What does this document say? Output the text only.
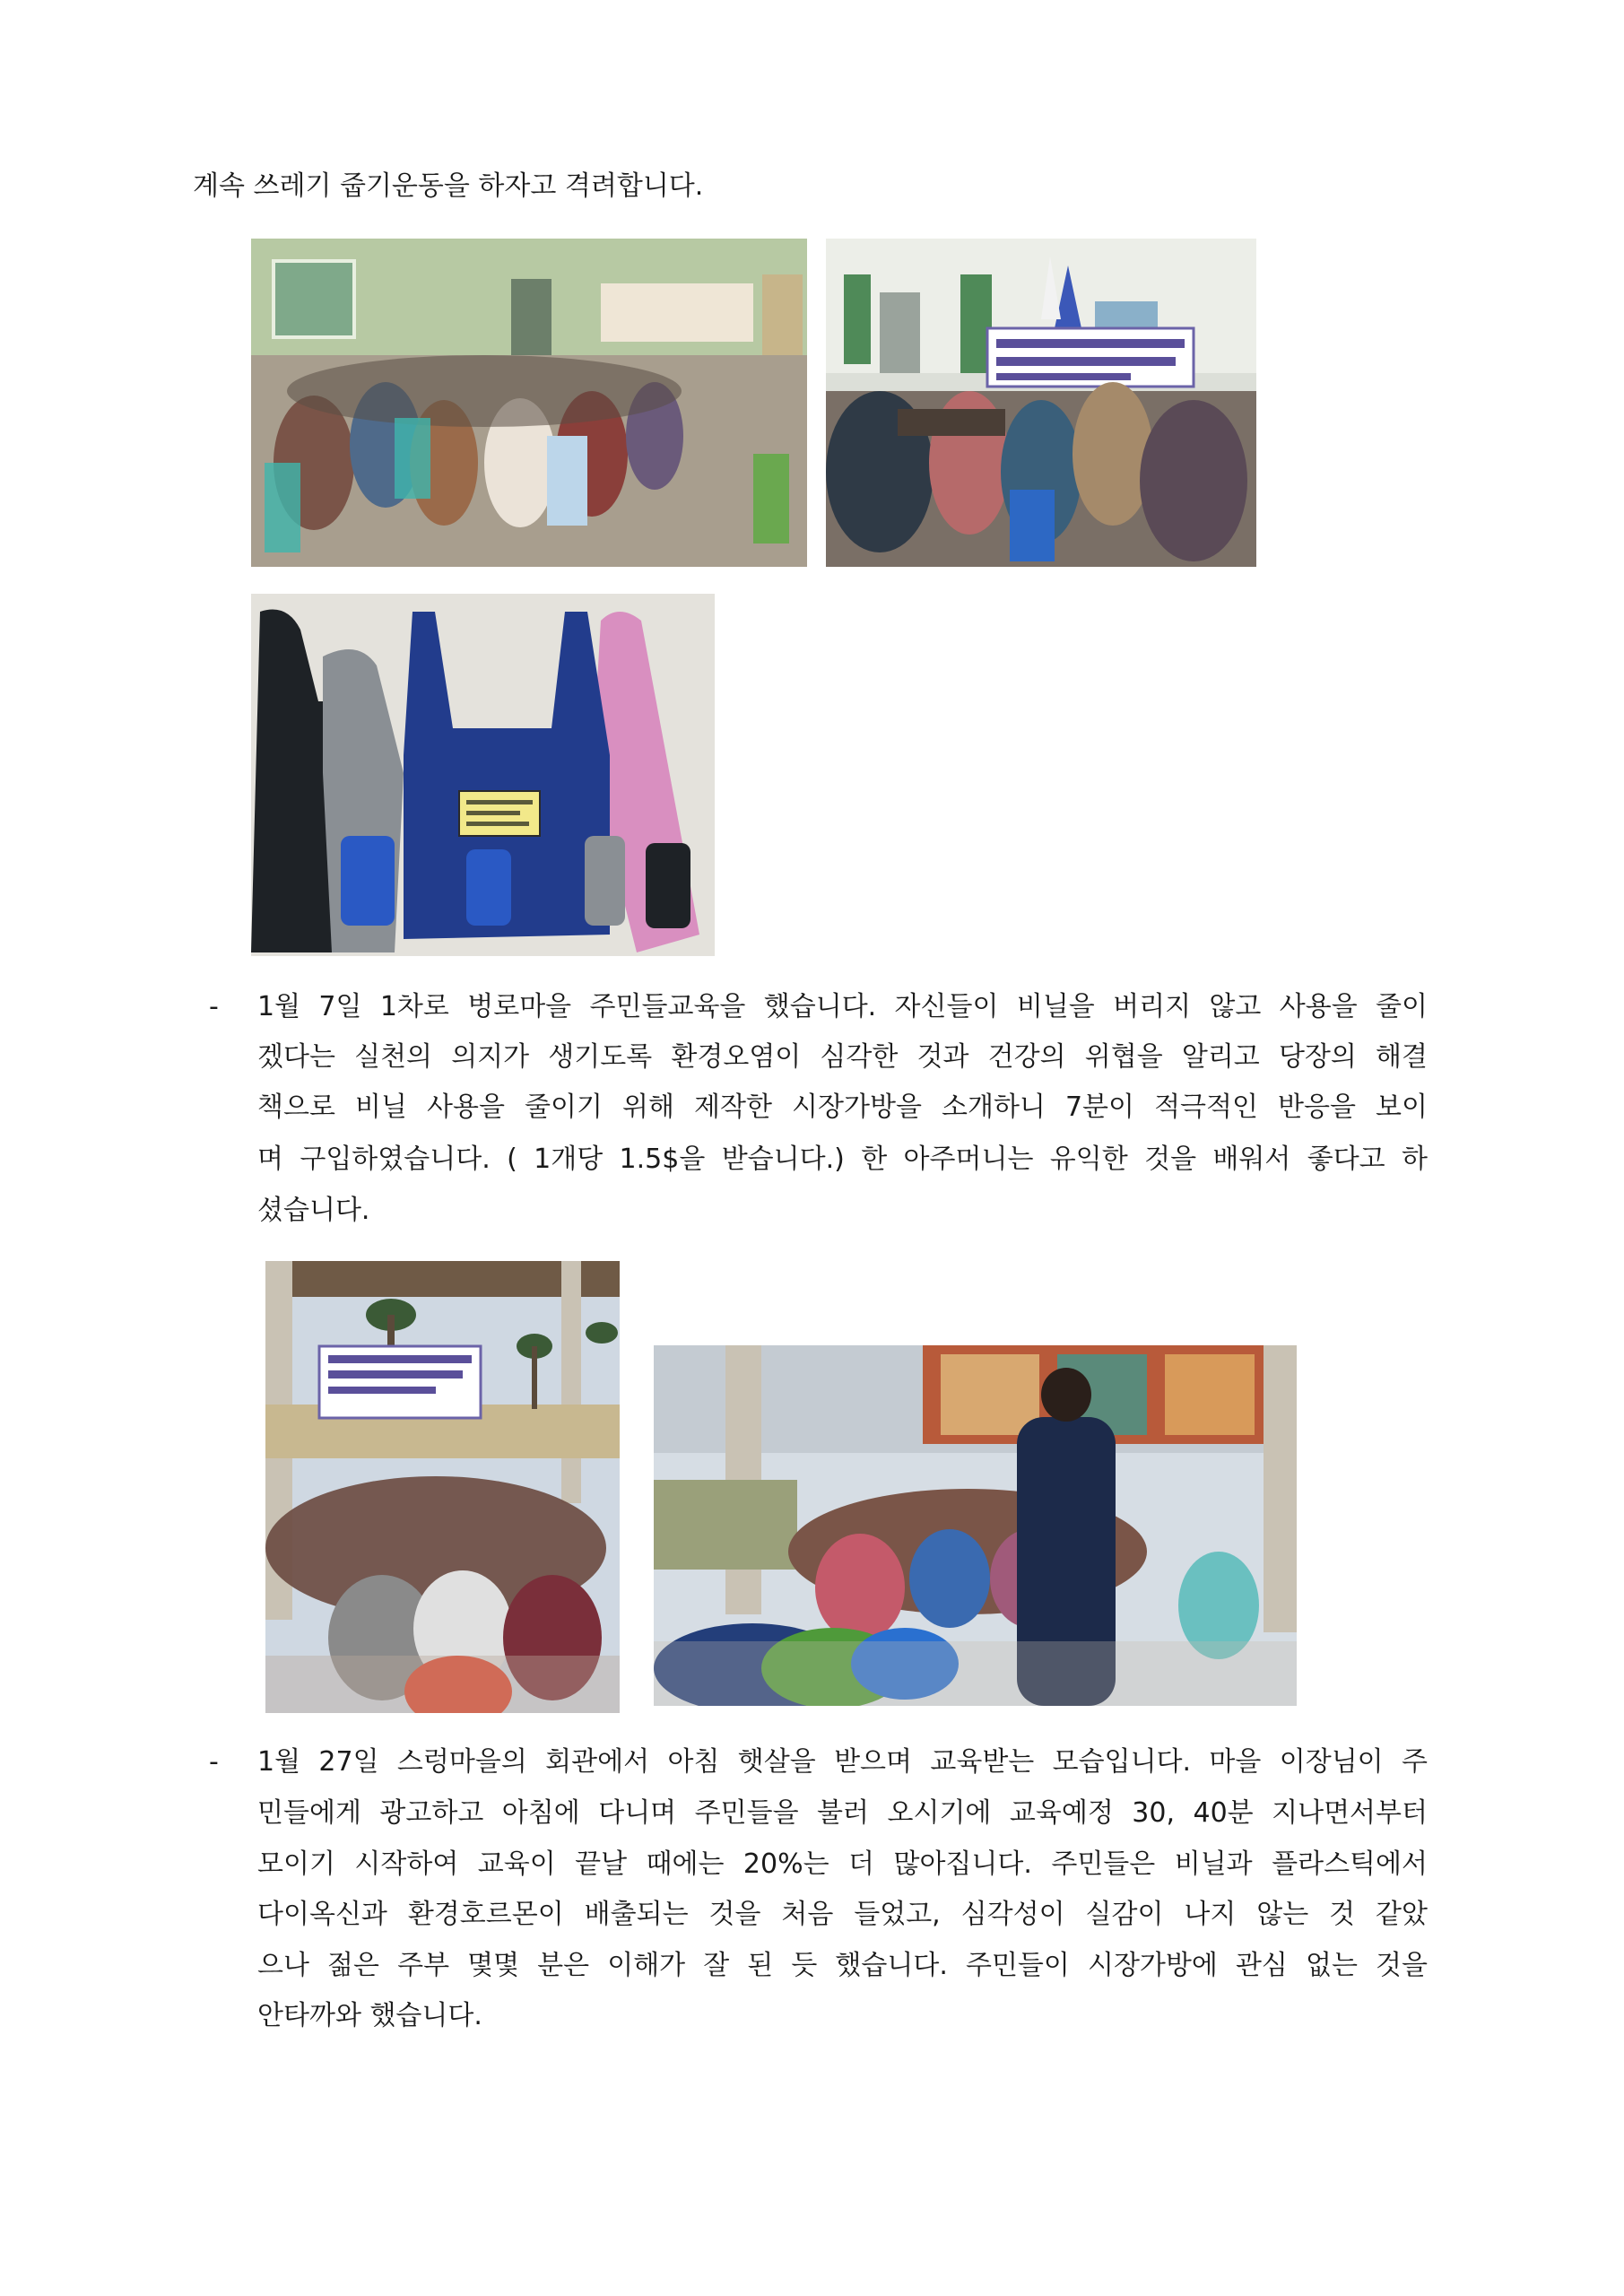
계속 쓰레기 줍기운동을 하자고 격려합니다.
- 1월 7일 1차로 벙로마을 주민들교육을 했습니다. 자신들이 비닐을 버리지 않고 사용을 줄이
겠다는 실천의 의지가 생기도록 환경오염이 심각한 것과 건강의 위협을 알리고 당장의 해결
책으로 비닐 사용을 줄이기 위해 제작한 시장가방을 소개하니 7분이 적극적인 반응을 보이
며 구입하였습니다. ( 1개당 1.5$을 받습니다.) 한 아주머니는 유익한 것을 배워서 좋다고 하
셨습니다.
- 1월 27일 스렁마을의 회관에서 아침 햇살을 받으며 교육받는 모습입니다. 마을 이장님이 주
민들에게 광고하고 아침에 다니며 주민들을 불러 오시기에 교육예정 30, 40분 지나면서부터
모이기 시작하여 교육이 끝날 때에는 20%는 더 많아집니다. 주민들은 비닐과 플라스틱에서
다이옥신과 환경호르몬이 배출되는 것을 처음 들었고, 심각성이 실감이 나지 않는 것 같았
으나 젊은 주부 몇몇 분은 이해가 잘 된 듯 했습니다. 주민들이 시장가방에 관심 없는 것을
안타까와 했습니다.
